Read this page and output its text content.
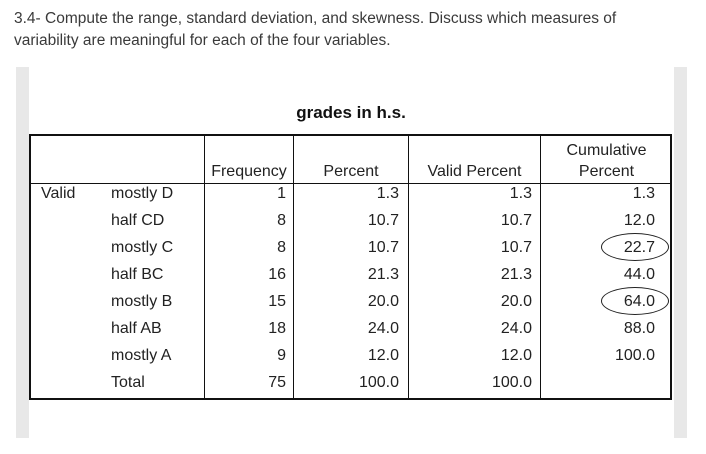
3.4- Compute the range, standard deviation, and skewness. Discuss which measures of
variability are meaningful for each of the four variables.
grades in h.s.
Frequency	Percent	Valid Percent
Cumulative
Percent
Valid mostly D	1	1.3	1.3	1.3
half CD	8	10.7	10.7	12.0
mostly C	8	10.7	10.7	22.7
half BC	16	21.3	21.3	44.0
mostly B	15	20.0	20.0	64.0
half AB	18	24.0	24.0	88.0
mostly A	9	12.0	12.0	100.0
Total	75	100.0	100.0
